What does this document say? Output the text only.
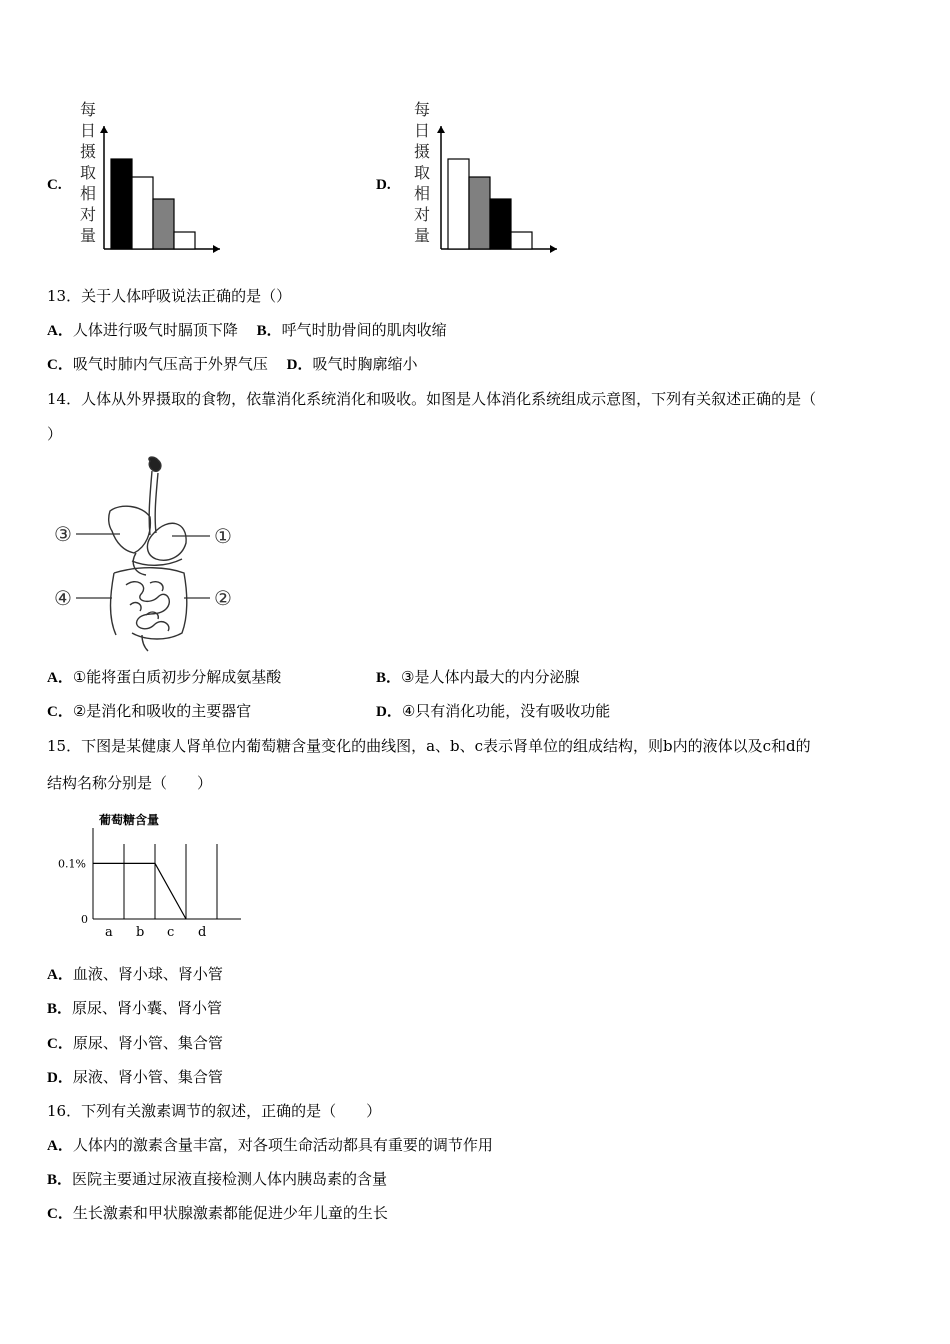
C.
每
日
摄
取
相
对
量
D.
每
日
摄
取
相
对
量
13．关于人体呼吸说法正确的是（）
A．人体进行吸气时膈顶下降 B．呼气时肋骨间的肌肉收缩
C．吸气时肺内气压高于外界气压 D．吸气时胸廓缩小
14．人体从外界摄取的食物，依靠消化系统消化和吸收。如图是人体消化系统组成示意图，下列有关叙述正确的是（
）
③	①
④	②
A．①能将蛋白质初步分解成氨基酸	B．③是人体内最大的内分泌腺
C．②是消化和吸收的主要器官	D．④只有消化功能，没有吸收功能
15．下图是某健康人肾单位内葡萄糖含量变化的曲线图，a、b、c表示肾单位的组成结构，则b内的液体以及c和d的
结构名称分别是（　　）
葡萄糖含量
0.1%
0
a b c d
A．血液、肾小球、肾小管
B．原尿、肾小囊、肾小管
C．原尿、肾小管、集合管
D．尿液、肾小管、集合管
16．下列有关激素调节的叙述，正确的是（　　）
A．人体内的激素含量丰富，对各项生命活动都具有重要的调节作用
B．医院主要通过尿液直接检测人体内胰岛素的含量
C．生长激素和甲状腺激素都能促进少年儿童的生长
